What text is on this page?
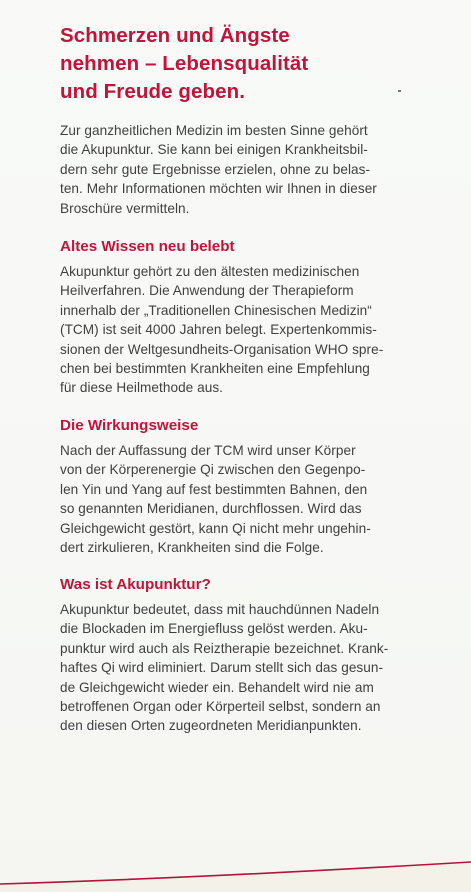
Schmerzen und Ängste
nehmen – Lebensqualität
und Freude geben.

Zur ganzheitlichen Medizin im besten Sinne gehört
die Akupunktur. Sie kann bei einigen Krankheitsbil-
dern sehr gute Ergebnisse erzielen, ohne zu belas-
ten. Mehr Informationen möchten wir Ihnen in dieser
Broschüre vermitteln.

Altes Wissen neu belebt

Akupunktur gehört zu den ältesten medizinischen
Heilverfahren. Die Anwendung der Therapieform
innerhalb der „Traditionellen Chinesischen Medizin“
(TCM) ist seit 4000 Jahren belegt. Expertenkommis-
sionen der Weltgesundheits-Organisation WHO spre-
chen bei bestimmten Krankheiten eine Empfehlung
für diese Heilmethode aus.

Die Wirkungsweise

Nach der Auffassung der TCM wird unser Körper
von der Körperenergie Qi zwischen den Gegenpo-
len Yin und Yang auf fest bestimmten Bahnen, den
so genannten Meridianen, durchflossen. Wird das
Gleichgewicht gestört, kann Qi nicht mehr ungehin-
dert zirkulieren, Krankheiten sind die Folge.

Was ist Akupunktur?

Akupunktur bedeutet, dass mit hauchdünnen Nadeln
die Blockaden im Energiefluss gelöst werden. Aku-
punktur wird auch als Reiztherapie bezeichnet. Krank-
haftes Qi wird eliminiert. Darum stellt sich das gesun-
de Gleichgewicht wieder ein. Behandelt wird nie am
betroffenen Organ oder Körperteil selbst, sondern an
den diesen Orten zugeordneten Meridianpunkten.
